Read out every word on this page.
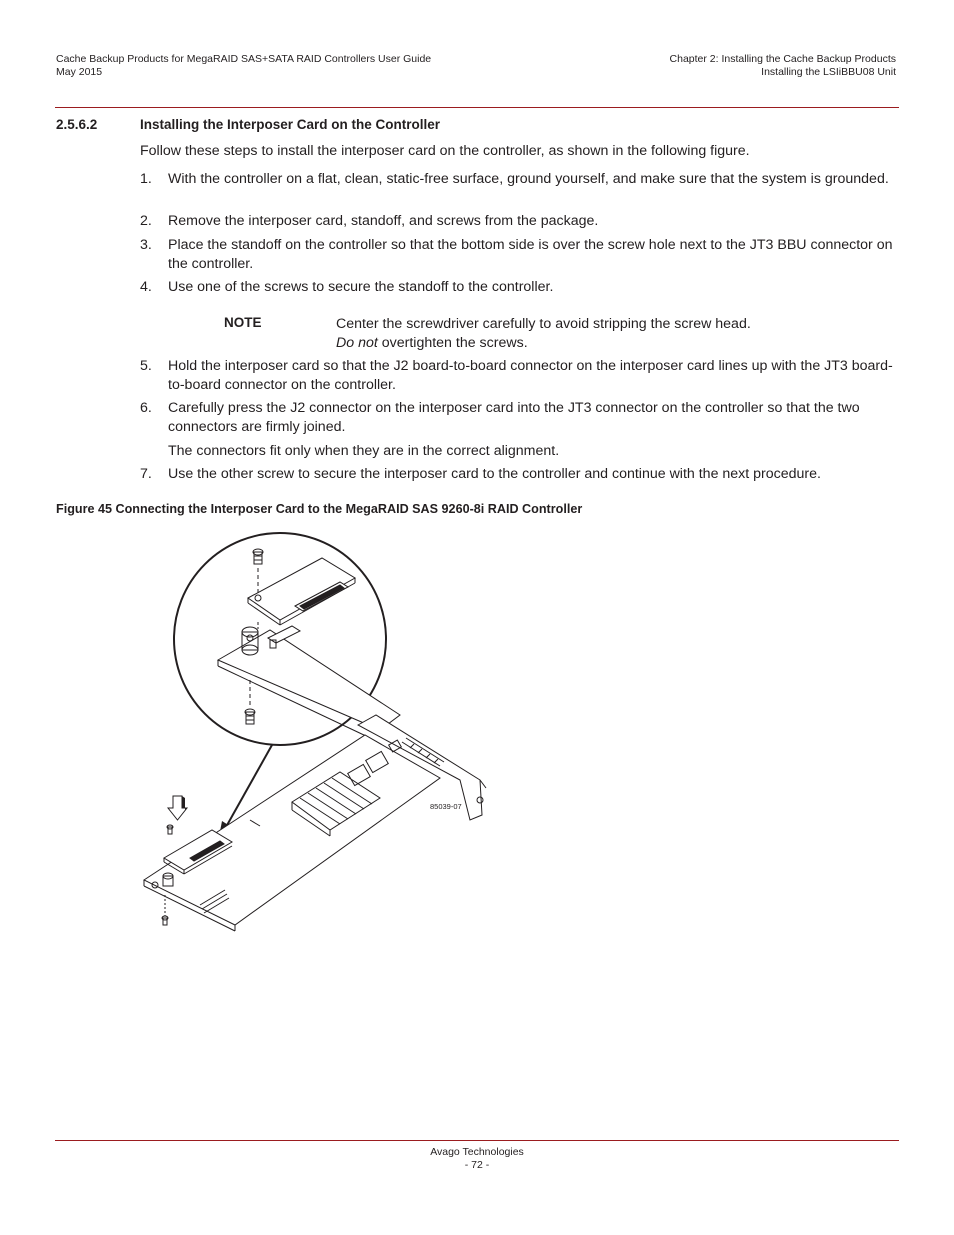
Cache Backup Products for MegaRAID SAS+SATA RAID Controllers User Guide
May 2015
Chapter 2: Installing the Cache Backup Products
Installing the LSIiBBU08 Unit
2.5.6.2	Installing the Interposer Card on the Controller
Follow these steps to install the interposer card on the controller, as shown in the following figure.
1.	With the controller on a flat, clean, static-free surface, ground yourself, and make sure that the system is grounded.
2.	Remove the interposer card, standoff, and screws from the package.
3.	Place the standoff on the controller so that the bottom side is over the screw hole next to the JT3 BBU connector on the controller.
4.	Use one of the screws to secure the standoff to the controller.
NOTE	Center the screwdriver carefully to avoid stripping the screw head.
Do not overtighten the screws.
5.	Hold the interposer card so that the J2 board-to-board connector on the interposer card lines up with the JT3 board-to-board connector on the controller.
6.	Carefully press the J2 connector on the interposer card into the JT3 connector on the controller so that the two connectors are firmly joined.
The connectors fit only when they are in the correct alignment.
7.	Use the other screw to secure the interposer card to the controller and continue with the next procedure.
Figure 45 Connecting the Interposer Card to the MegaRAID SAS 9260-8i RAID Controller
85039-07
Avago Technologies
- 72 -
